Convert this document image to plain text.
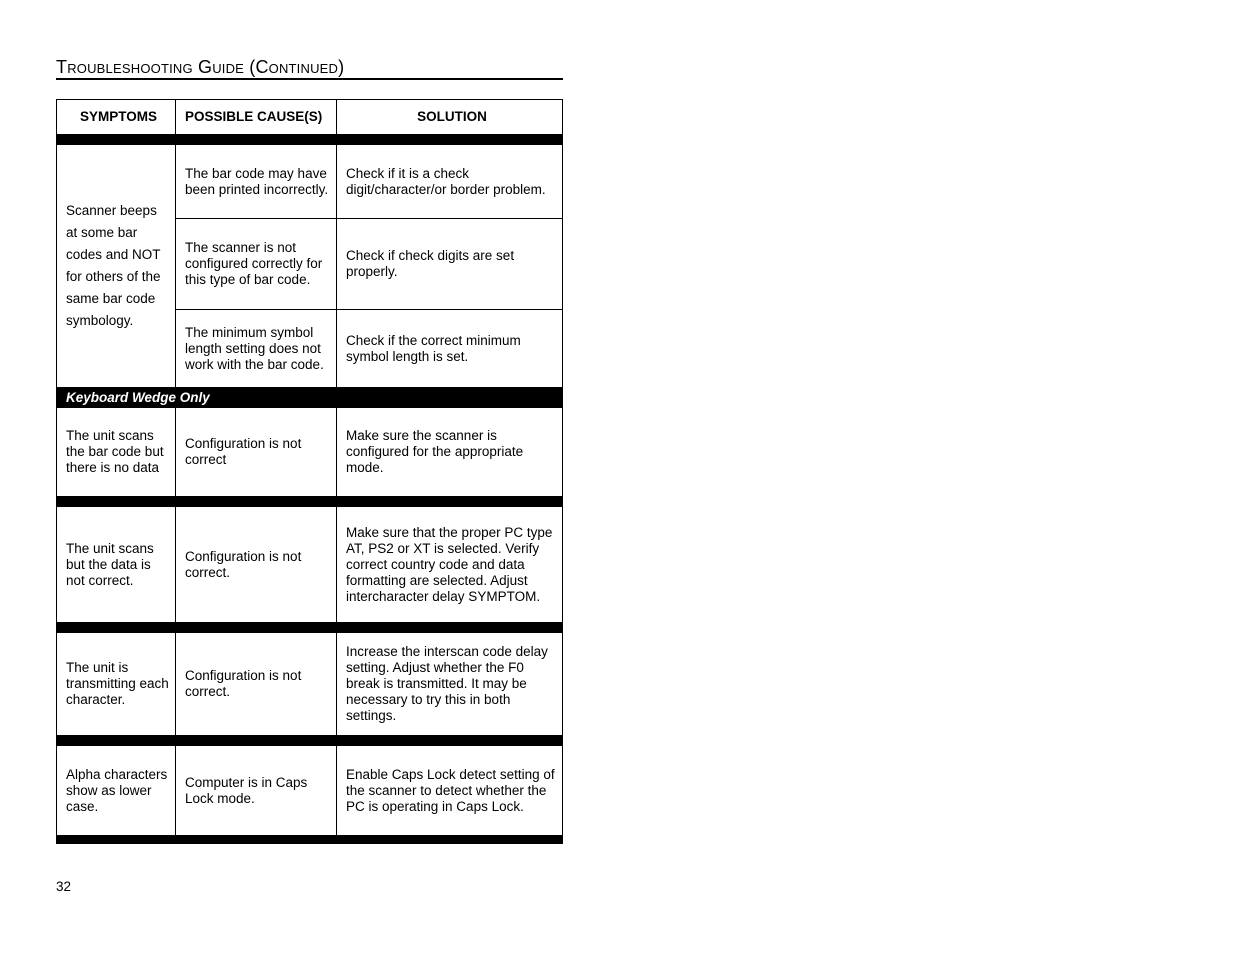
Troubleshooting Guide (Continued)
SYMPTOMS	POSSIBLE CAUSE(S)	SOLUTION

Scanner beeps at some bar codes and NOT for others of the same bar code symbology.	The bar code may have been printed incorrectly.	Check if it is a check digit/character/or border problem.
	The scanner is not configured correctly for this type of bar code.	Check if check digits are set properly.
	The minimum symbol length setting does not work with the bar code.	Check if the correct minimum symbol length is set.
Keyboard Wedge Only		
The unit scans the bar code but there is no data	Configuration is not correct	Make sure the scanner is configured for the appropriate mode.

The unit scans but the data is not correct.	Configuration is not correct.	Make sure that the proper PC type AT, PS2 or XT is selected. Verify correct country code and data formatting are selected. Adjust intercharacter delay SYMPTOM.

The unit is transmitting each character.	Configuration is not correct.	Increase the interscan code delay setting. Adjust whether the F0 break is transmitted. It may be necessary to try this in both settings.

Alpha characters show as lower case.	Computer is in Caps Lock mode.	Enable Caps Lock detect setting of the scanner to detect whether the PC is operating in Caps Lock.

32
